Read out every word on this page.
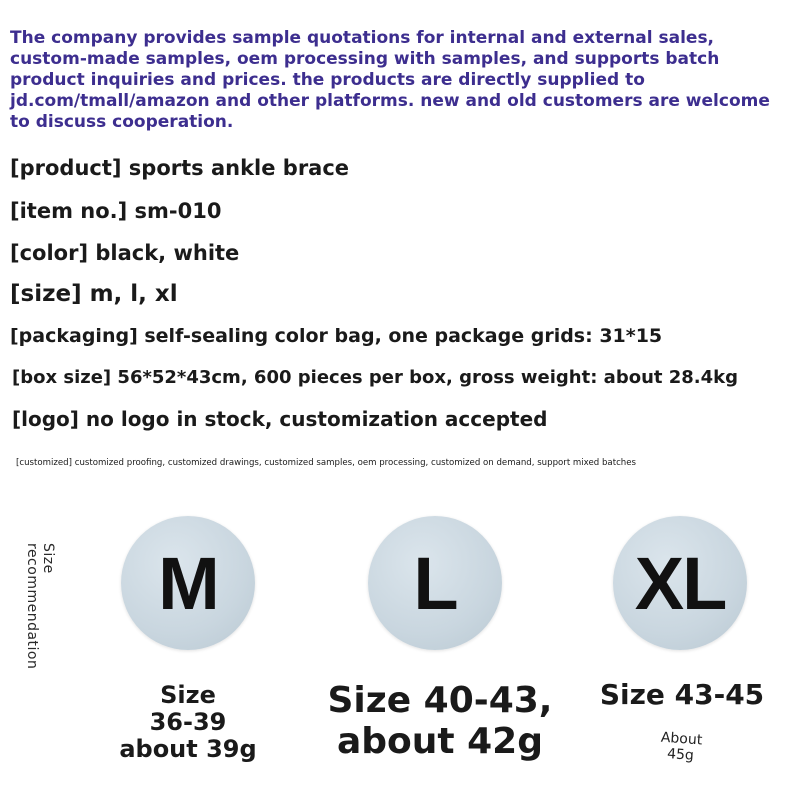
The company provides sample quotations for internal and external sales, custom-made samples, oem processing with samples, and supports batch product inquiries and prices. the products are directly supplied to jd.com/tmall/amazon and other platforms. new and old customers are welcome to discuss cooperation.

[product] sports ankle brace

[item no.] sm-010

[color] black, white

[size] m, l, xl

[packaging] self-sealing color bag, one package grids: 31*15

[box size] 56*52*43cm, 600 pieces per box, gross weight: about 28.4kg

[logo] no logo in stock, customization accepted

[customized] customized proofing, customized drawings, customized samples, oem processing, customized on demand, support mixed batches
Size
recommendation M	L XL
Size
36-39
about 39g
Size 40-43,
about 42g
Size 43-45
About
45g
